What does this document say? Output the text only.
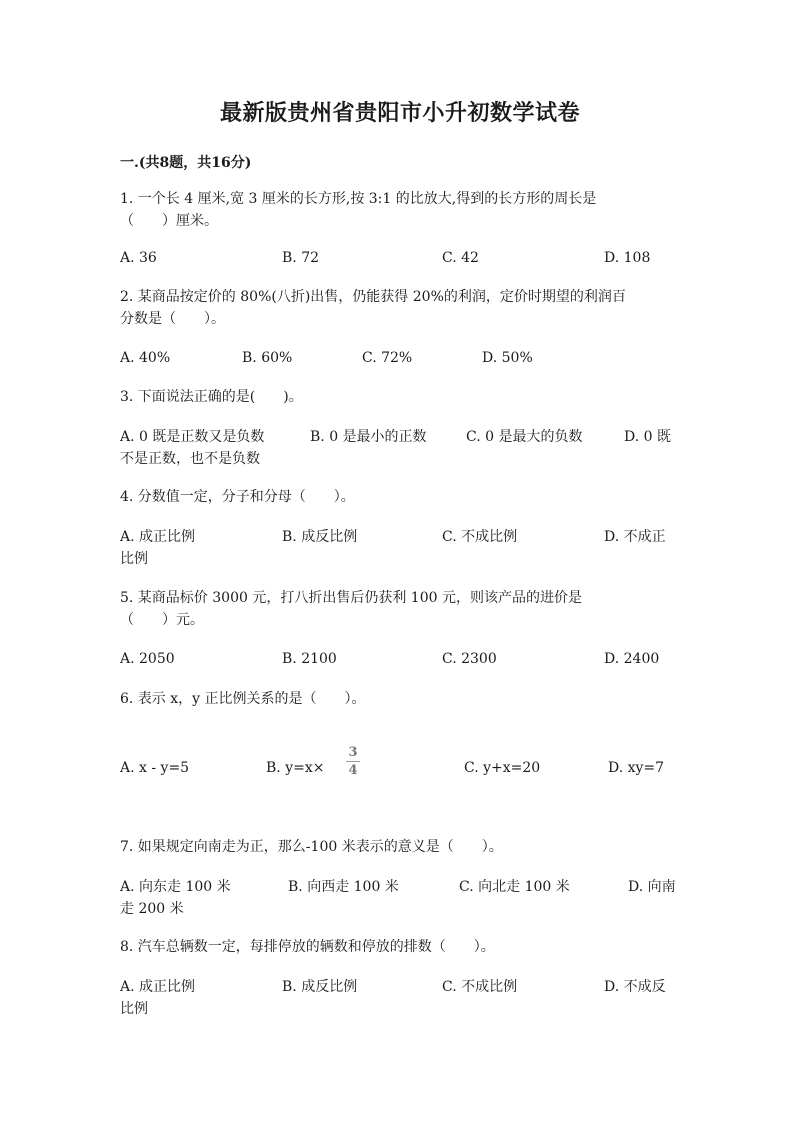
最新版贵州省贵阳市小升初数学试卷
一.(共8题，共16分)
1. 一个长 4 厘米,宽 3 厘米的长方形,按 3:1 的比放大,得到的长方形的周长是
（　　）厘米。
A. 36	B. 72	C. 42	D. 108
2. 某商品按定价的 80%(八折)出售，仍能获得 20%的利润，定价时期望的利润百
分数是（　　）。
A. 40%	B. 60%	C. 72%	D. 50%
3. 下面说法正确的是(　　)。
A. 0 既是正数又是负数	B. 0 是最小的正数	C. 0 是最大的负数	D. 0 既
不是正数，也不是负数
4. 分数值一定，分子和分母（　　）。
A. 成正比例	B. 成反比例	C. 不成比例	D. 不成正
比例
5. 某商品标价 3000 元，打八折出售后仍获利 100 元，则该产品的进价是
（　　）元。
A. 2050	B. 2100	C. 2300	D. 2400
6. 表示 x，y 正比例关系的是（　　）。
A. x - y=5	B. y=x×
3
4	C. y+x=20	D. xy=7
7. 如果规定向南走为正，那么-100 米表示的意义是（　　）。
A. 向东走 100 米	B. 向西走 100 米	C. 向北走 100 米	D. 向南
走 200 米
8. 汽车总辆数一定，每排停放的辆数和停放的排数（　　）。
A. 成正比例	B. 成反比例	C. 不成比例	D. 不成反
比例
